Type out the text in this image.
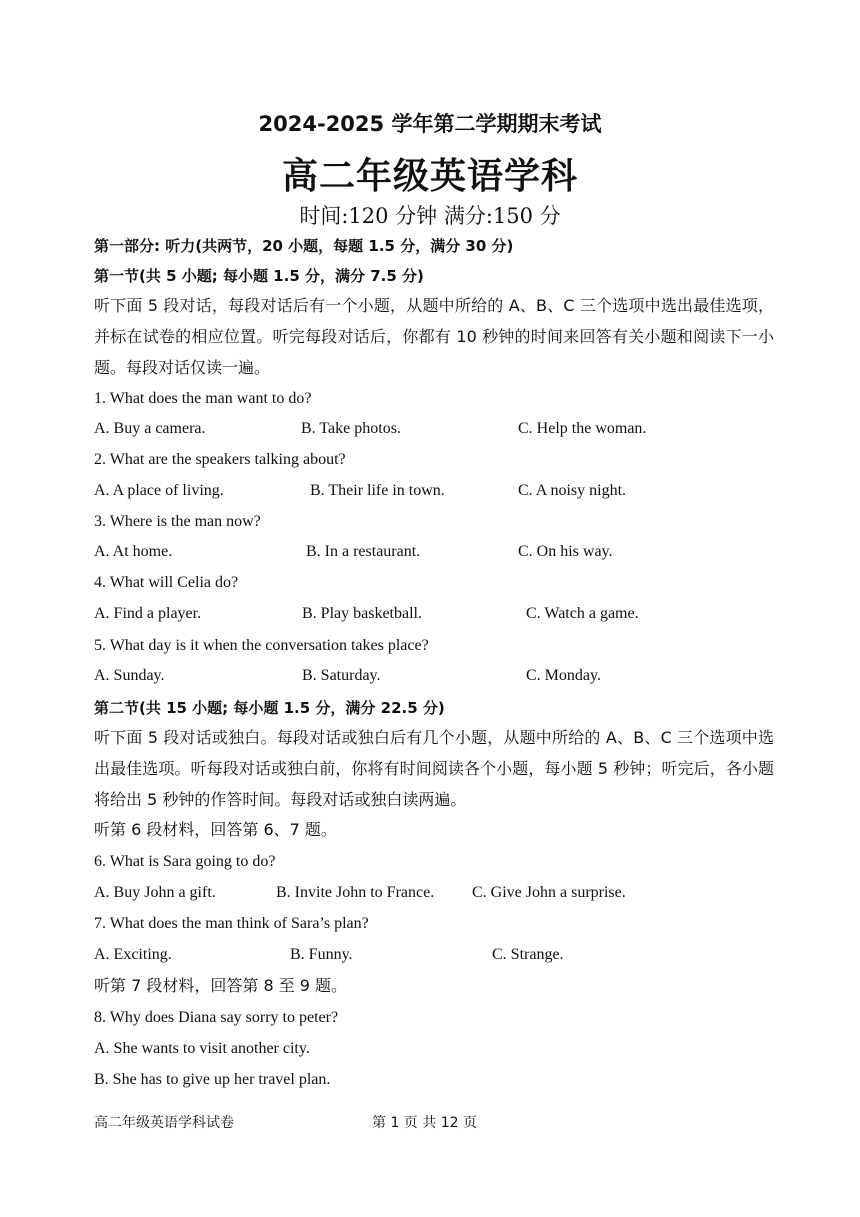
2024-2025 学年第二学期期末考试
高二年级英语学科
时间:120 分钟 满分:150 分
第一部分: 听力(共两节，20 小题，每题 1.5 分，满分 30 分)
第一节(共 5 小题; 每小题 1.5 分，满分 7.5 分)
听下面 5 段对话，每段对话后有一个小题，从题中所给的 A、B、C 三个选项中选出最佳选项，并标在试卷的相应位置。听完每段对话后，你都有 10 秒钟的时间来回答有关小题和阅读下一小题。每段对话仅读一遍。
1. What does the man want to do?
A. Buy a camera.	B. Take photos.	C. Help the woman.
2. What are the speakers talking about?
A. A place of living.	B. Their life in town.	C. A noisy night.
3. Where is the man now?
A. At home.	B. In a restaurant.	C. On his way.
4. What will Celia do?
A. Find a player.	B. Play basketball.	C. Watch a game.
5. What day is it when the conversation takes place?
A. Sunday.	B. Saturday.	C. Monday.
第二节(共 15 小题; 每小题 1.5 分，满分 22.5 分)
听下面 5 段对话或独白。每段对话或独白后有几个小题，从题中所给的 A、B、C 三个选项中选出最佳选项。听每段对话或独白前，你将有时间阅读各个小题，每小题 5 秒钟；听完后，各小题将给出 5 秒钟的作答时间。每段对话或独白读两遍。
听第 6 段材料，回答第 6、7 题。
6. What is Sara going to do?
A. Buy John a gift.	B. Invite John to France. C. Give John a surprise.
7. What does the man think of Sara’s plan?
A. Exciting.	B. Funny.	C. Strange.
听第 7 段材料，回答第 8 至 9 题。
8. Why does Diana say sorry to peter?
A. She wants to visit another city.
B. She has to give up her travel plan.
高二年级英语学科试卷	第 1 页 共 12 页
